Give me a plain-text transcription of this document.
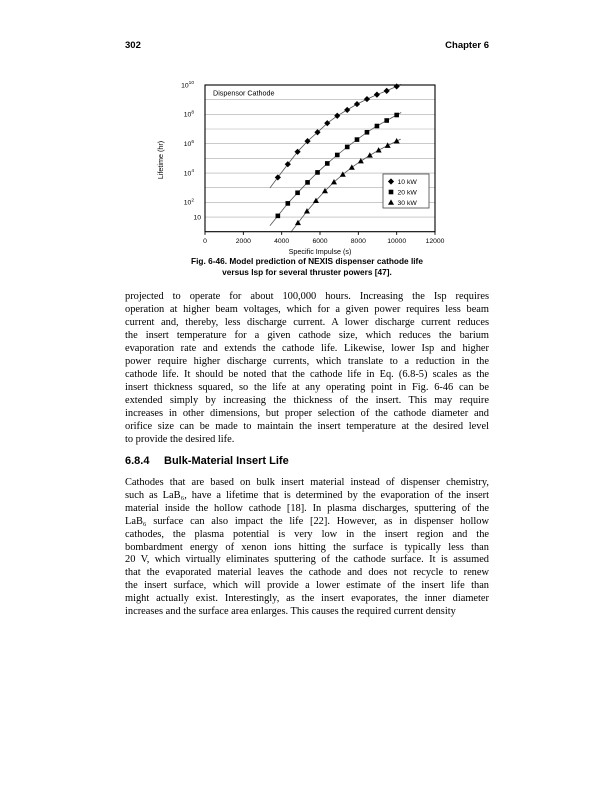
302	Chapter 6
0	2000	4000	6000	8000	10000	12000
Specific Impulse (s)
$10^{10}$
$10^8$
$10^6$
$10^4$
$10^2$
10
Lifetime (hr)
Dispensor Cathode
10 kW
20 kW
30 kW
Fig. 6-46. Model prediction of NEXIS dispenser cathode life
versus Isp for several thruster powers [47].
projected to operate for about 100,000 hours. Increasing the Isp requires
operation at higher beam voltages, which for a given power requires less beam
current and, thereby, less discharge current. A lower discharge current reduces
the insert temperature for a given cathode size, which reduces the barium
evaporation rate and extends the cathode life. Likewise, lower Isp and higher
power require higher discharge currents, which translate to a reduction in the
cathode life. It should be noted that the cathode life in Eq. (6.8-5) scales as the
insert thickness squared, so the life at any operating point in Fig. 6-46 can be
extended simply by increasing the thickness of the insert. This may require
increases in other dimensions, but proper selection of the cathode diameter and
orifice size can be made to maintain the insert temperature at the desired level
to provide the desired life.
6.8.4 Bulk-Material Insert Life
Cathodes that are based on bulk insert material instead of dispenser chemistry,
such as LaB₆, have a lifetime that is determined by the evaporation of the insert
material inside the hollow cathode [18]. In plasma discharges, sputtering of the
LaB₆ surface can also impact the life [22]. However, as in dispenser hollow
cathodes, the plasma potential is very low in the insert region and the
bombardment energy of xenon ions hitting the surface is typically less than
20 V, which virtually eliminates sputtering of the cathode surface. It is assumed
that the evaporated material leaves the cathode and does not recycle to renew
the insert surface, which will provide a lower estimate of the insert life than
might actually exist. Interestingly, as the insert evaporates, the inner diameter
increases and the surface area enlarges. This causes the required current density
